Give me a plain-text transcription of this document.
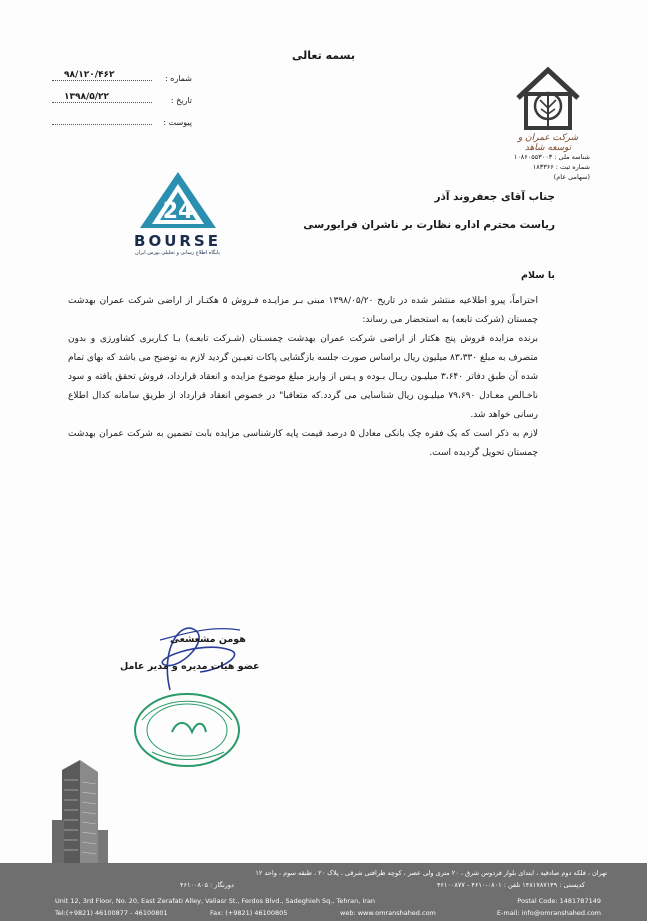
بسمه تعالی
شماره :
۹۸/۱۲۰/۴۶۲
تاریخ :
۱۳۹۸/۵/۲۲
پیوست :
شرکت عمران و توسعه شاهد
شناسه ملی : ۱۰۸۶۰۵۵۳۰۰۳
شماره ثبت : ۱۸۳۳۶۶
(سهامی عام)
24
BOURSE
پایگاه اطلاع رسانی و تحلیلی بورس ایران
جناب آقای جعفروند آذر
ریاست محترم اداره نظارت بر ناشران فرابورسی
با سلام

احتراماً، پیرو اطلاعیه منتشر شده در تاریخ ۱۳۹۸/۰۵/۲۰ مبنی بـر مزایـده فـروش ۵ هکتـار از اراضی شرکت عمران بهدشت چمستان (شرکت تابعه) به استحضار می رساند:

برنده مزایده فروش پنج هکتار از اراضی شرکت عمران بهدشت چمسـتان (شـرکت تابعـه) بـا کـاربری کشاورزی و بدون متصرف به مبلغ ۸۳،۳۳۰ میلیون ریال براساس صورت جلسه بازگشایی پاکات تعیـین گردید لازم به توضیح می باشد که بهای تمام شده آن طبق دفاتر ۳،۶۴۰ میلیـون ریـال بـوده و پـس از واریز مبلغ موضوع مزایده و انعقاد قرارداد، فروش تحقق یافته و سود ناخـالص معـادل ۷۹،۶۹۰ میلیـون ریال شناسایی می گردد.که متعاقبا" در خصوص انعقاد قرارداد از طریق سامانه کدال اطلاع رسانی خواهد شد.

لازم به ذکر است که یک فقره چک بانکی معادل ۵ درصد قیمت پایه کارشناسی مزایده بابت تضمین به شرکت عمران بهدشت چمستان تحویل گردیده است.

هومن مشعشعی
عضو هیات مدیره و مدیر عامل
تهران ، فلکه دوم صادقیه ، ابتدای بلوار فردوس شرق ، ۲۰ متری ولی عصر ، کوچه ظرافتی شرقی ، پلاک ۲۰ ، طبقه سوم ، واحد ۱۲
کدپستی : ۱۴۸۱۷۸۷۱۴۹ تلفن : ۰۸۰۱-۴۶۱۰ - ۴۶۱۰۰۸۷۷
دورنگار : ۴۶۱۰۰۸۰۵
Unit 12, 3rd Floor, No. 20, East Zerafati Alley, Valiasr St., Ferdos Blvd., Sadeghieh Sq., Tehran, Iran	Postal Code: 1481787149
Tel:(+9821) 46100877 - 46100801	Fax: (+9821) 46100805	web: www.omranshahed.com	E-mail: info@omranshahed.com
